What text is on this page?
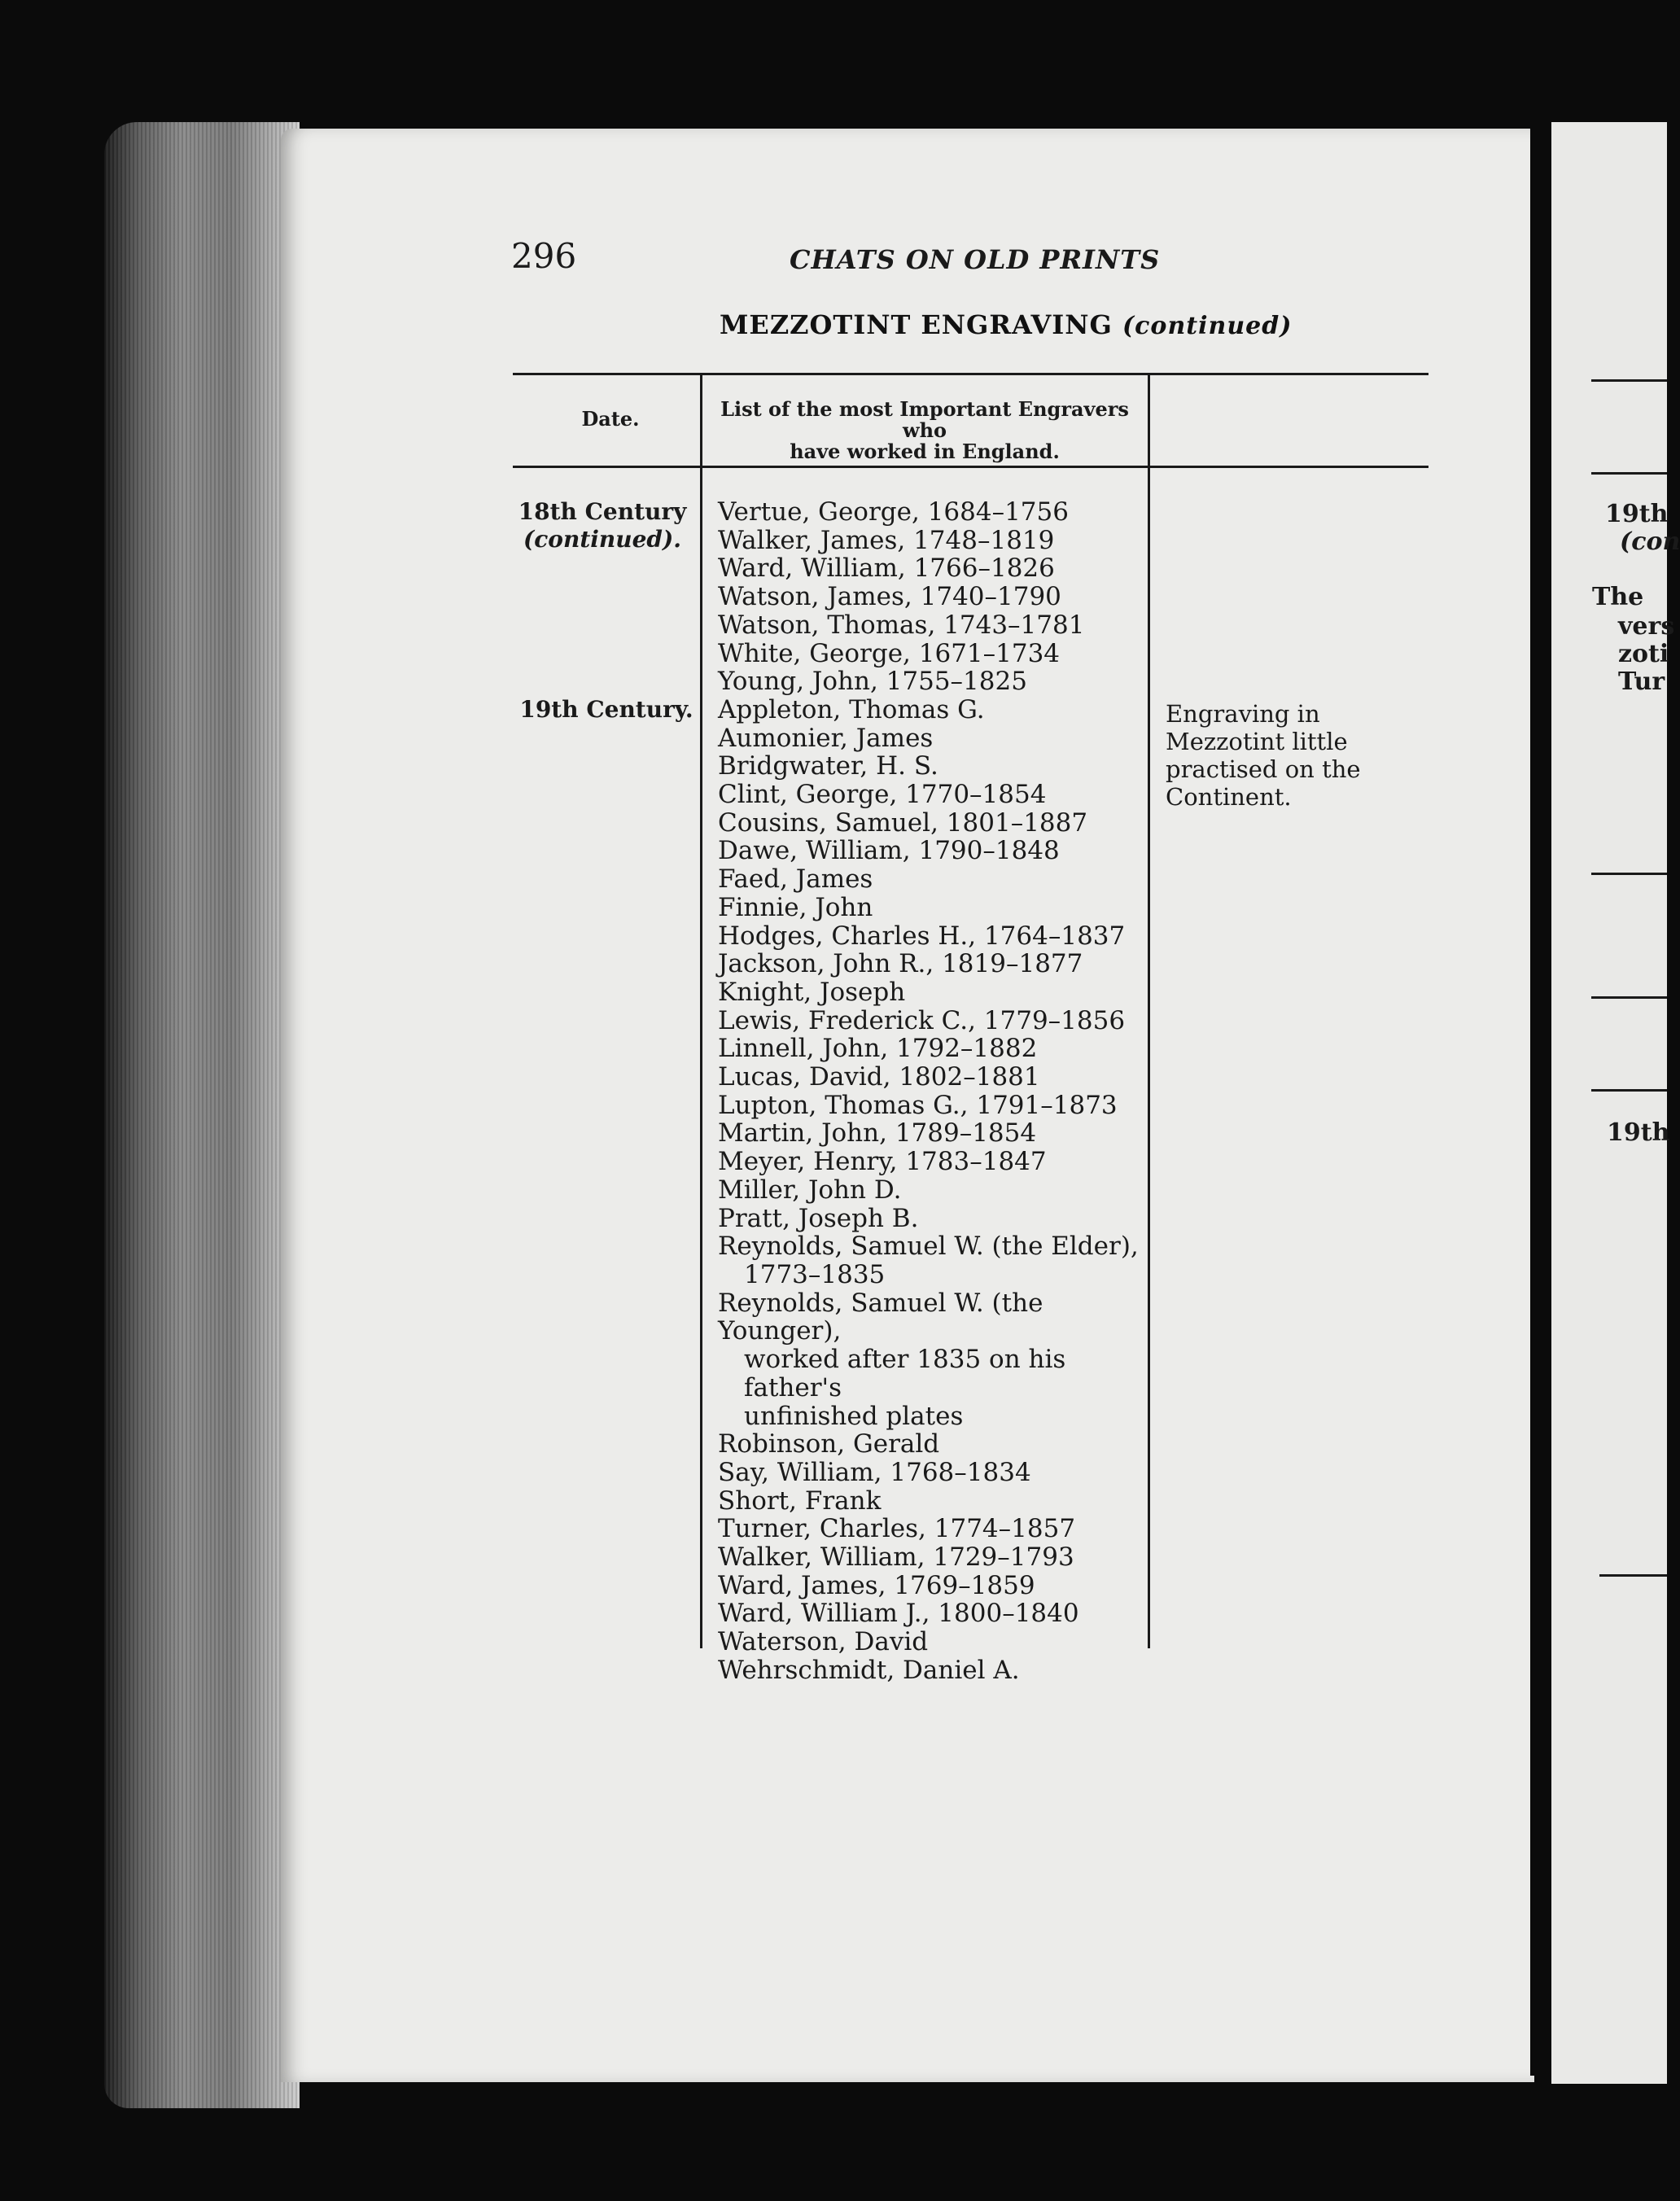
296	CHATS ON OLD PRINTS
MEZZOTINT ENGRAVING (continued)
Date.	List of the most Important Engravers who
have worked in England.
18th Century
(continued).
19th Century.
Vertue, George, 1684–1756
Walker, James, 1748–1819
Ward, William, 1766–1826
Watson, James, 1740–1790
Watson, Thomas, 1743–1781
White, George, 1671–1734
Young, John, 1755–1825
Appleton, Thomas G.
Aumonier, James
Bridgwater, H. S.
Clint, George, 1770–1854
Cousins, Samuel, 1801–1887
Dawe, William, 1790–1848
Faed, James
Finnie, John
Hodges, Charles H., 1764–1837
Jackson, John R., 1819–1877
Knight, Joseph
Lewis, Frederick C., 1779–1856
Linnell, John, 1792–1882
Lucas, David, 1802–1881
Lupton, Thomas G., 1791–1873
Martin, John, 1789–1854
Meyer, Henry, 1783–1847
Miller, John D.
Pratt, Joseph B.
Reynolds, Samuel W. (the Elder),
1773–1835
Reynolds, Samuel W. (the Younger),
worked after 1835 on his father's
unfinished plates
Robinson, Gerald
Say, William, 1768–1834
Short, Frank
Turner, Charles, 1774–1857
Walker, William, 1729–1793
Ward, James, 1769–1859
Ward, William J., 1800–1840
Waterson, David
Wehrschmidt, Daniel A.
Engraving in Mezzotint little practised on the Continent.
19th
(con
The
vers
zoti
Tur
19th
